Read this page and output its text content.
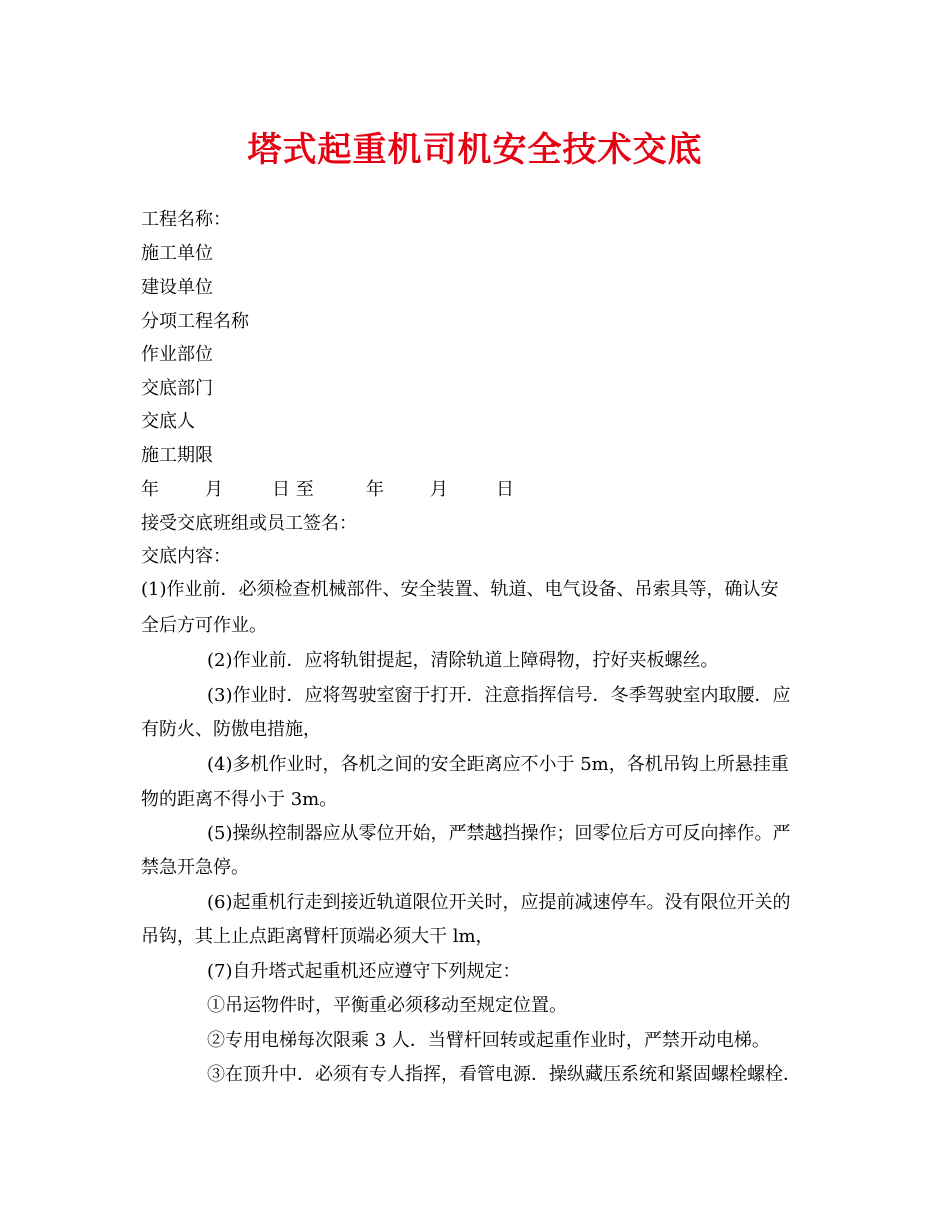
塔式起重机司机安全技术交底
工程名称：
施工单位
建设单位
分项工程名称
作业部位
交底部门
交底人
施工期限
年	月	日 至	年	月	日
接受交底班组或员工签名：
交底内容：
(1)作业前．必须检查机械部件、安全装置、轨道、电气设备、吊索具等，确认安
全后方可作业。
(2)作业前．应将轨钳提起，清除轨道上障碍物，拧好夹板螺丝。
(3)作业时．应将驾驶室窗于打开．注意指挥信号．冬季驾驶室内取腰．应
有防火、防傲电措施，
(4)多机作业时，各机之间的安全距离应不小于 5m，各机吊钩上所悬挂重
物的距离不得小于 3m。
(5)操纵控制器应从零位开始，严禁越挡操作；回零位后方可反向摔作。严
禁急开急停。
(6)起重机行走到接近轨道限位开关时，应提前减速停车。没有限位开关的
吊钩，其上止点距离臂杆顶端必须大干 lm，
(7)自升塔式起重机还应遵守下列规定：
①吊运物件时，平衡重必须移动至规定位置。
②专用电梯每次限乘 3 人．当臂杆回转或起重作业时，严禁开动电梯。
③在顶升中．必须有专人指挥，看管电源．操纵藏压系统和紧固螺栓螺栓．
